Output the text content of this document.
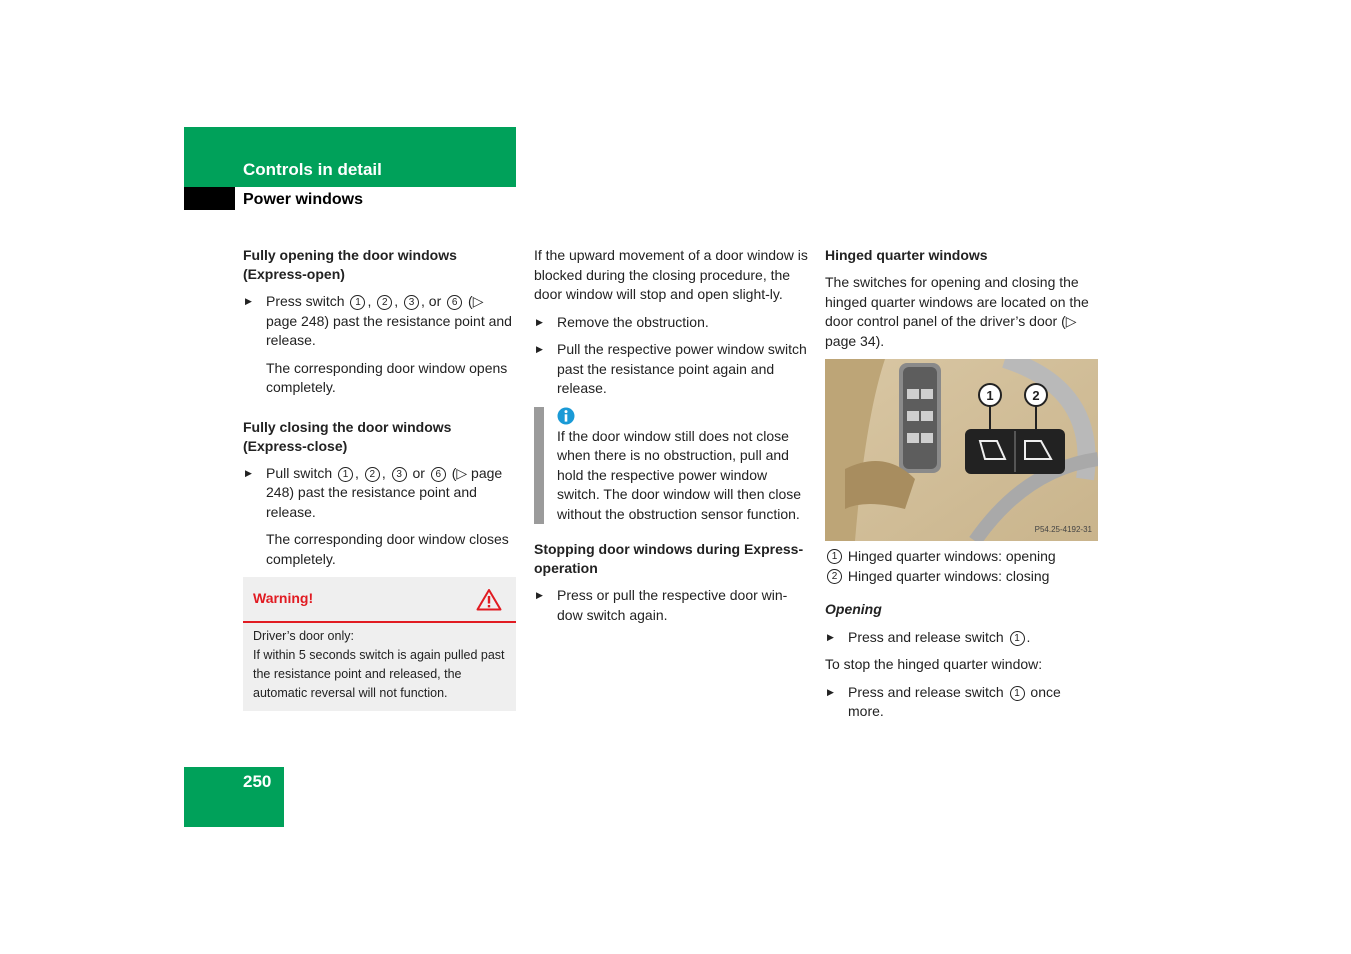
Controls in detail
Power windows
Fully opening the door windows (Express-open)
▶ Press switch 1 , 2 , 3 , or 6 (▷ page 248) past the resistance point and release.

The corresponding door window opens completely.

Fully closing the door windows (Express-close)
▶ Pull switch 1 , 2 , 3 or 6 (▷ page 248) past the resistance point and release.

The corresponding door window closes completely.

Warning!

Driver’s door only:

If within 5 seconds switch is again pulled past the resistance point and released, the automatic reversal will not function.

If the upward movement of a door window is blocked during the closing procedure, the door window will stop and open slight-ly.

▶ Remove the obstruction.
▶ Pull the respective power window switch past the resistance point again and release.

If the door window still does not close when there is no obstruction, pull and hold the respective power window switch. The door window will then close without the obstruction sensor function.

Stopping door windows during Express-operation
▶ Press or pull the respective door win-dow switch again.
Hinged quarter windows

The switches for opening and closing the hinged quarter windows are located on the door control panel of the driver’s door (▷ page 34).

1	2
P54.25-4192-31
1
Hinged quarter windows: opening
2
Hinged quarter windows: closing
Opening
▶ Press and release switch 1 .

To stop the hinged quarter window:

▶ Press and release switch 1 once more.
250
